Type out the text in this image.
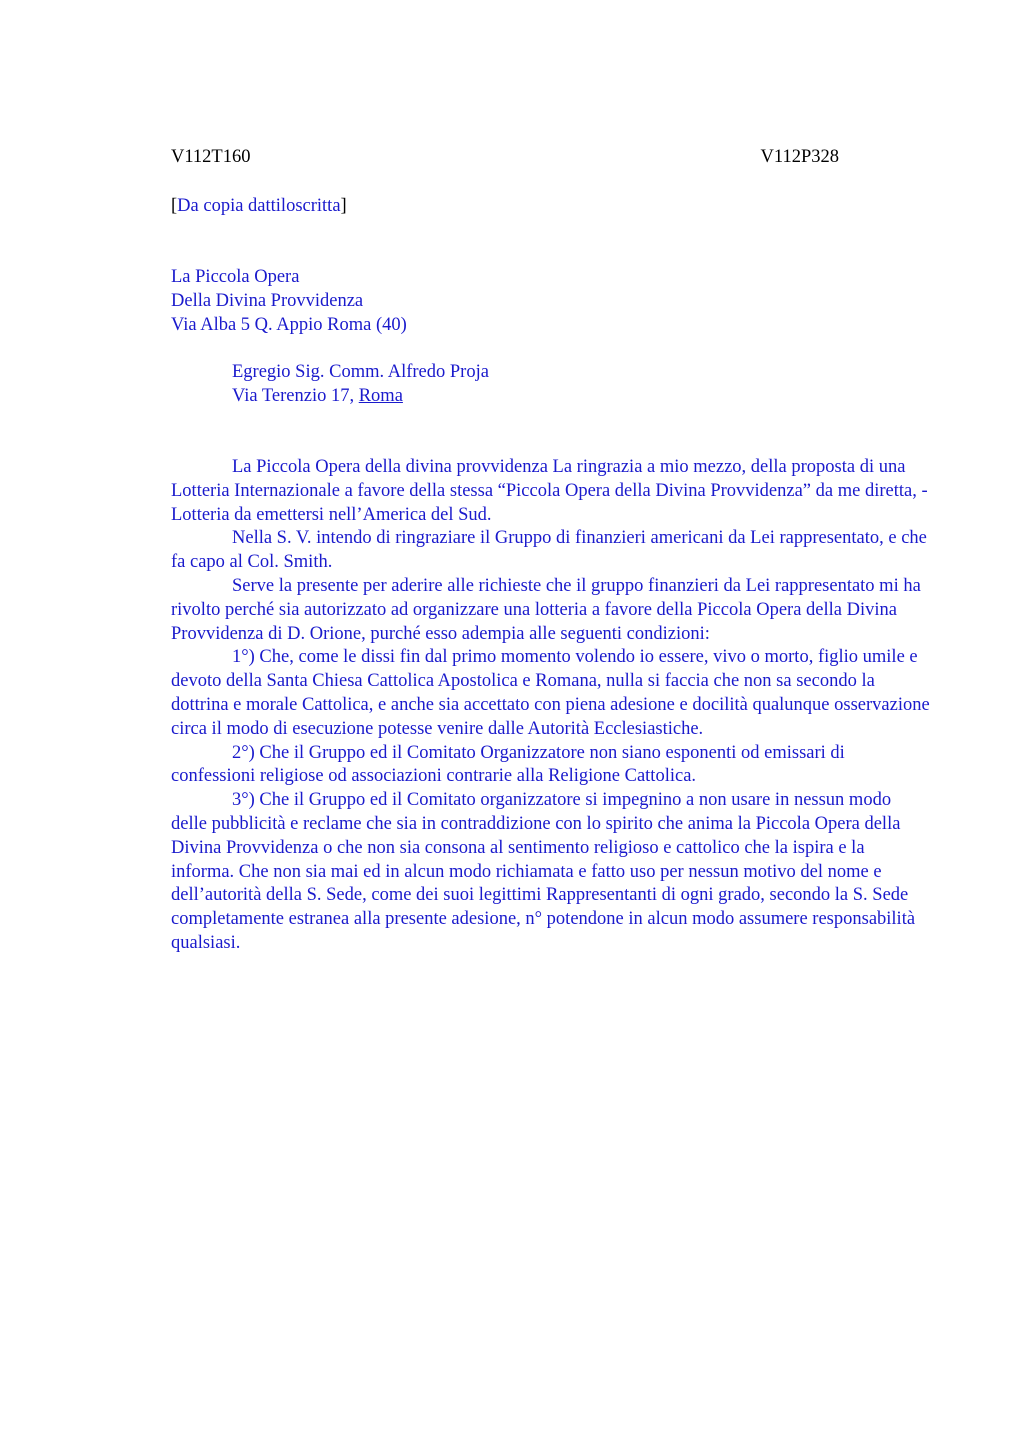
V112T160	V112P328
[Da copia dattiloscritta]
La Piccola Opera
Della Divina Provvidenza
Via Alba 5 Q. Appio Roma (40)
Egregio Sig. Comm. Alfredo Proja
Via Terenzio 17, Roma

La Piccola Opera della divina provvidenza La ringrazia a mio mezzo, della proposta di una Lotteria Internazionale a favore della stessa “Piccola Opera della Divina Provvidenza” da me diretta, - Lotteria da emettersi nell’America del Sud.

Nella S. V. intendo di ringraziare il Gruppo di finanzieri americani da Lei rappresentato, e che fa capo al Col. Smith.

Serve la presente per aderire alle richieste che il gruppo finanzieri da Lei rappresentato mi ha rivolto perché sia autorizzato ad organizzare una lotteria a favore della Piccola Opera della Divina Provvidenza di D. Orione, purché esso adempia alle seguenti condizioni:

1°) Che, come le dissi fin dal primo momento volendo io essere, vivo o morto, figlio umile e devoto della Santa Chiesa Cattolica Apostolica e Romana, nulla si faccia che non sa secondo la dottrina e morale Cattolica, e anche sia accettato con piena adesione e docilità qualunque osservazione circa il modo di esecuzione potesse venire dalle Autorità Ecclesiastiche.

2°) Che il Gruppo ed il Comitato Organizzatore non siano esponenti od emissari di confessioni religiose od associazioni contrarie alla Religione Cattolica.

3°) Che il Gruppo ed il Comitato organizzatore si impegnino a non usare in nessun modo delle pubblicità e reclame che sia in contraddizione con lo spirito che anima la Piccola Opera della Divina Provvidenza o che non sia consona al sentimento religioso e cattolico che la ispira e la informa. Che non sia mai ed in alcun modo richiamata e fatto uso per nessun motivo del nome e dell’autorità della S. Sede, come dei suoi legittimi Rappresentanti di ogni grado, secondo la S. Sede completamente estranea alla presente adesione, n° potendone in alcun modo assumere responsabilità qualsiasi.
